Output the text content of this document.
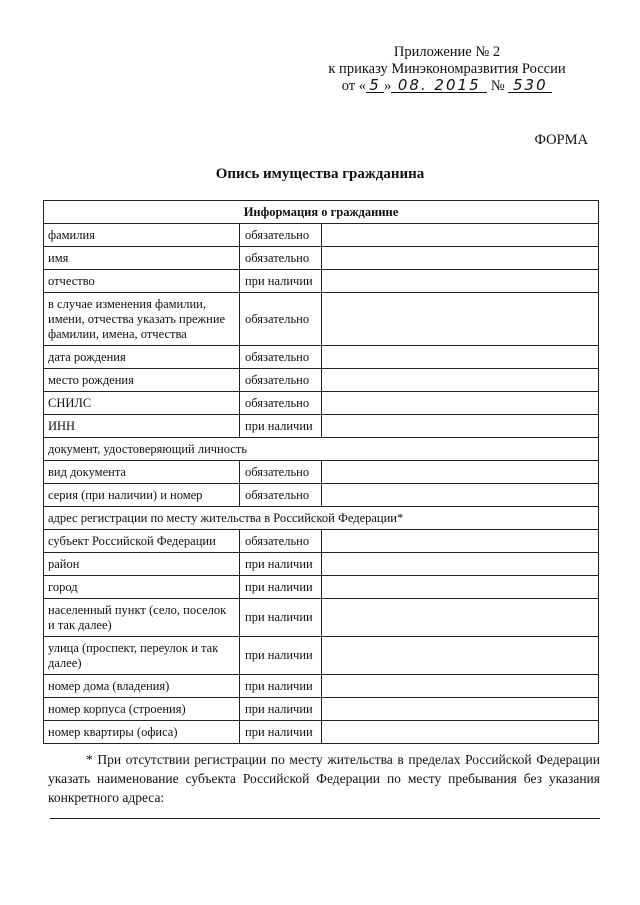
Приложение № 2
к приказу Минэкономразвития России
от « 5 » 08. 2015 № 530
ФОРМА
Опись имущества гражданина
Информация о гражданине		
фамилия	обязательно	
имя	обязательно	
отчество	при наличии	
в случае изменения фамилии, имени, отчества указать прежние фамилии, имена, отчества	обязательно	
дата рождения	обязательно	
место рождения	обязательно	
СНИЛС	обязательно	
ИНН	при наличии	
документ, удостоверяющий личность		
вид документа	обязательно	
серия (при наличии) и номер	обязательно	
адрес регистрации по месту жительства в Российской Федерации*		
субъект Российской Федерации	обязательно	
район	при наличии	
город	при наличии	
населенный пункт (село, поселок и так далее)	при наличии	
улица (проспект, переулок и так далее)	при наличии	
номер дома (владения)	при наличии	
номер корпуса (строения)	при наличии	
номер квартиры (офиса)	при наличии	
* При отсутствии регистрации по месту жительства в пределах Российской Федерации указать наименование субъекта Российской Федерации по месту пребывания без указания конкретного адреса:
